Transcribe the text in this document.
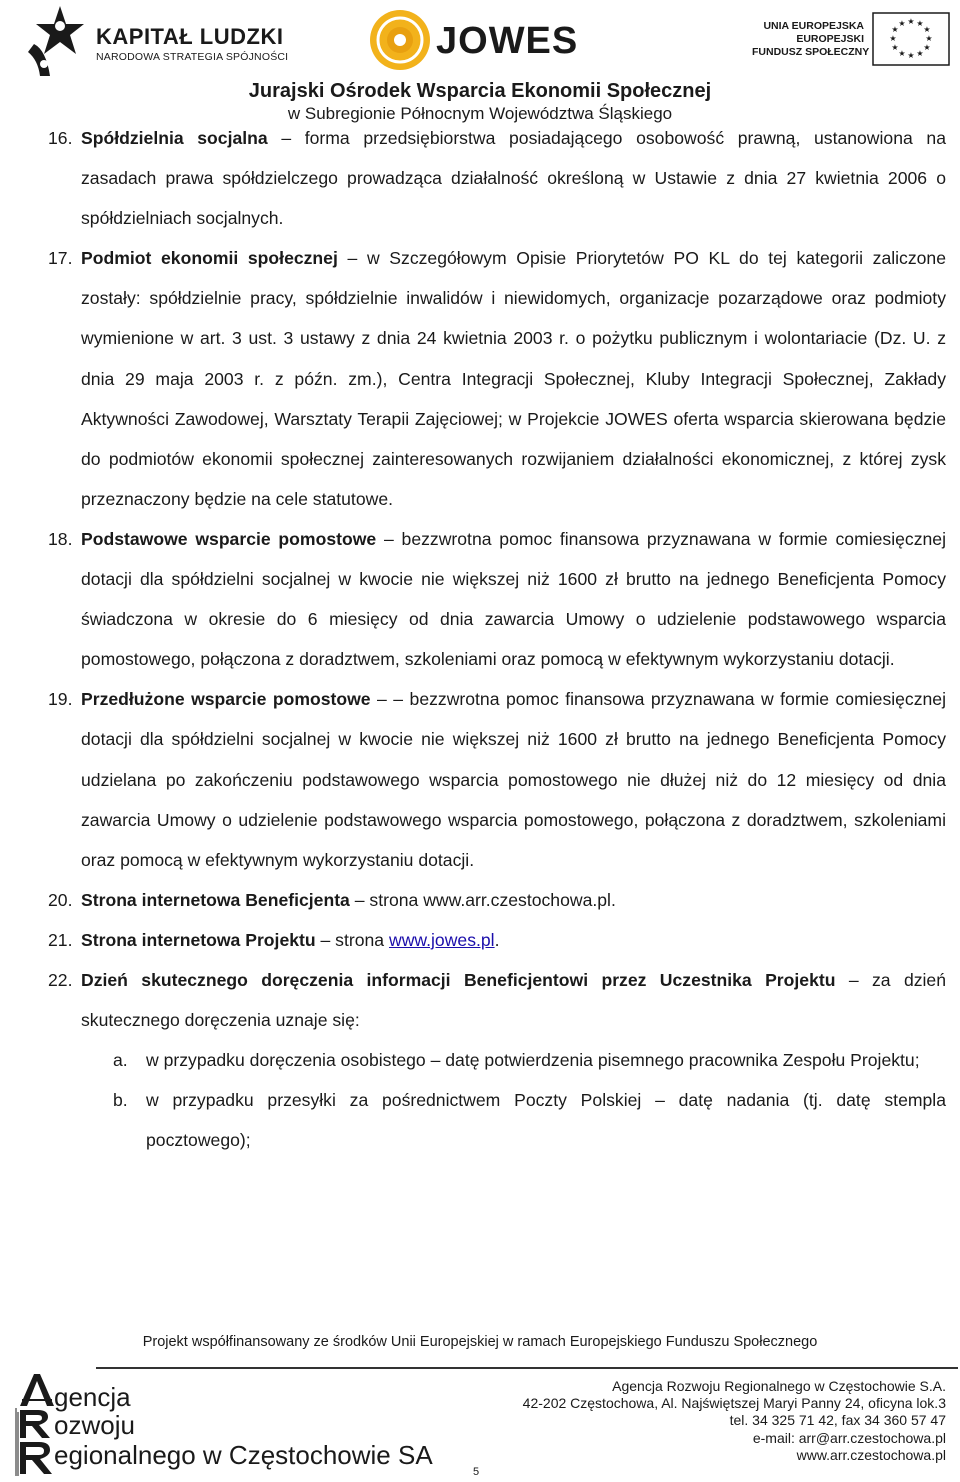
KAPITAŁ LUDZKI
NARODOWA STRATEGIA SPÓJNOŚCI	JOWES	UNIA EUROPEJSKA
EUROPEJSKI
FUNDUSZ SPOŁECZNY
★ ★
★
★
★
★
★
★
★
★
★
★
Jurajski Ośrodek Wsparcia Ekonomii Społecznej
w Subregionie Północnym Województwa Śląskiego
16. Spółdzielnia socjalna – forma przedsiębiorstwa posiadającego osobowość prawną, ustanowiona na zasadach prawa spółdzielczego prowadząca działalność określoną w Ustawie z dnia 27 kwietnia 2006 o spółdzielniach socjalnych.
17. Podmiot ekonomii społecznej – w Szczegółowym Opisie Priorytetów PO KL do tej kategorii zaliczone zostały: spółdzielnie pracy, spółdzielnie inwalidów i niewidomych, organizacje pozarządowe oraz podmioty wymienione w art. 3 ust. 3 ustawy z dnia 24 kwietnia 2003 r. o pożytku publicznym i wolontariacie (Dz. U. z dnia 29 maja 2003 r. z późn. zm.), Centra Integracji Społecznej, Kluby Integracji Społecznej, Zakłady Aktywności Zawodowej, Warsztaty Terapii Zajęciowej; w Projekcie JOWES oferta wsparcia skierowana będzie do podmiotów ekonomii społecznej zainteresowanych rozwijaniem działalności ekonomicznej, z której zysk przeznaczony będzie na cele statutowe.
18. Podstawowe wsparcie pomostowe – bezzwrotna pomoc finansowa przyznawana w formie comiesięcznej dotacji dla spółdzielni socjalnej w kwocie nie większej niż 1600 zł brutto na jednego Beneficjenta Pomocy świadczona w okresie do 6 miesięcy od dnia zawarcia Umowy o udzielenie podstawowego wsparcia pomostowego, połączona z doradztwem, szkoleniami oraz pomocą w efektywnym wykorzystaniu dotacji.
19. Przedłużone wsparcie pomostowe – – bezzwrotna pomoc finansowa przyznawana w formie comiesięcznej dotacji dla spółdzielni socjalnej w kwocie nie większej niż 1600 zł brutto na jednego Beneficjenta Pomocy udzielana po zakończeniu podstawowego wsparcia pomostowego nie dłużej niż do 12 miesięcy od dnia zawarcia Umowy o udzielenie podstawowego wsparcia pomostowego, połączona z doradztwem, szkoleniami oraz pomocą w efektywnym wykorzystaniu dotacji.
20. Strona internetowa Beneficjenta – strona www.arr.czestochowa.pl.
21. Strona internetowa Projektu – strona www.jowes.pl.
22. Dzień skutecznego doręczenia informacji Beneficjentowi przez Uczestnika Projektu – za dzień skutecznego doręczenia uznaje się:
a. w przypadku doręczenia osobistego – datę potwierdzenia pisemnego pracownika Zespołu Projektu;
b. w przypadku przesyłki za pośrednictwem Poczty Polskiej – datę nadania (tj. datę stempla pocztowego);
Projekt współfinansowany ze środków Unii Europejskiej w ramach Europejskiego Funduszu Społecznego
gencja
ozwoju
egionalnego w Częstochowie SA
5
Agencja Rozwoju Regionalnego w Częstochowie S.A.
42-202 Częstochowa, Al. Najświętszej Maryi Panny 24, oficyna lok.3
tel. 34 325 71 42, fax 34 360 57 47
e-mail: arr@arr.czestochowa.pl
www.arr.czestochowa.pl
